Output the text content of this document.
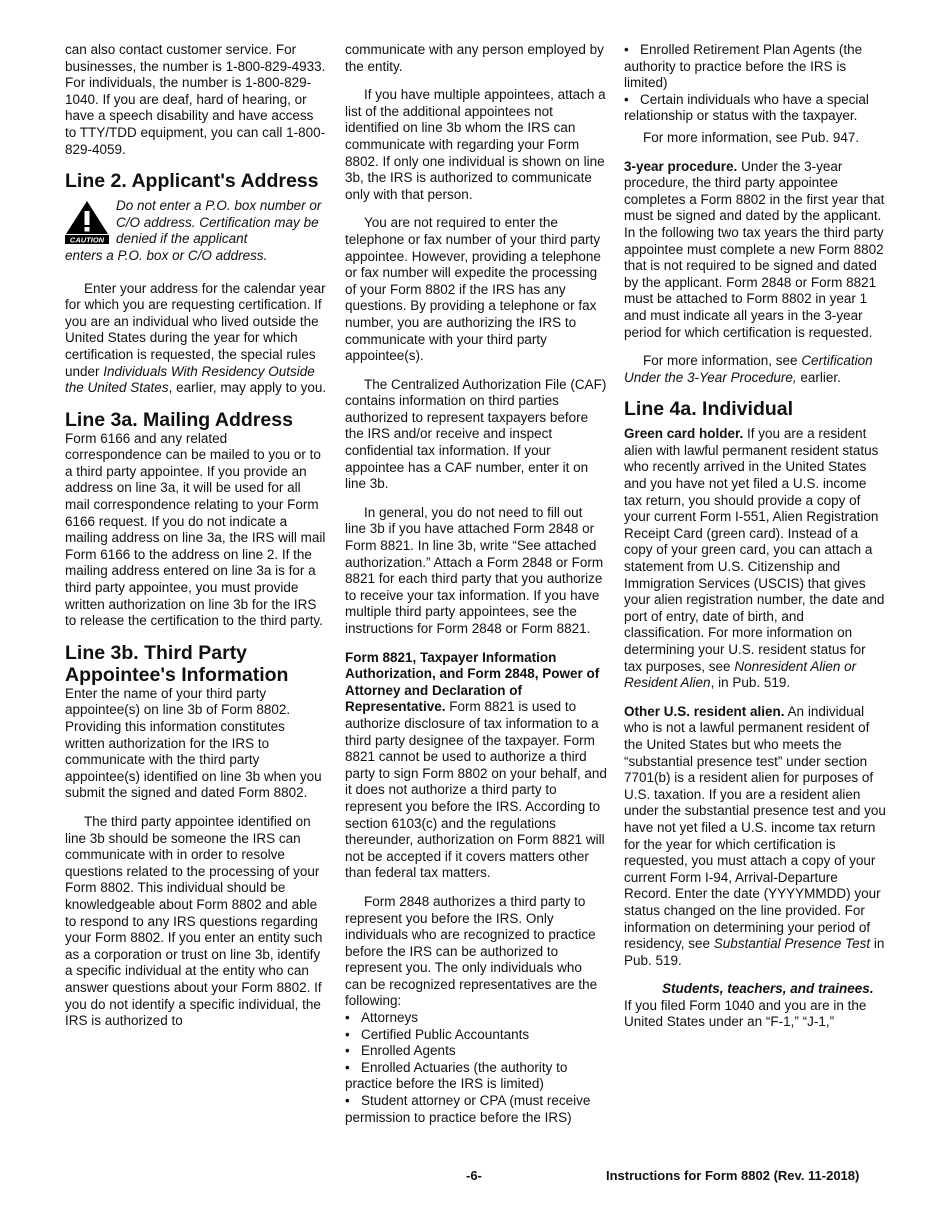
can also contact customer service. For businesses, the number is 1-800-829-4933. For individuals, the number is 1-800-829-1040. If you are deaf, hard of hearing, or have a speech disability and have access to TTY/TDD equipment, you can call 1-800-829-4059.

Line 2. Applicant's Address
CAUTION
Do not enter a P.O. box number or C/O address. Certification may be denied if the applicant
enters a P.O. box or C/O address.

Enter your address for the calendar year for which you are requesting certification. If you are an individual who lived outside the United States during the year for which certification is requested, the special rules under Individuals With Residency Outside the United States, earlier, may apply to you.

Line 3a. Mailing Address

Form 6166 and any related correspondence can be mailed to you or to a third party appointee. If you provide an address on line 3a, it will be used for all mail correspondence relating to your Form 6166 request. If you do not indicate a mailing address on line 3a, the IRS will mail Form 6166 to the address on line 2. If the mailing address entered on line 3a is for a third party appointee, you must provide written authorization on line 3b for the IRS to release the certification to the third party.

Line 3b. Third Party Appointee's Information

Enter the name of your third party appointee(s) on line 3b of Form 8802. Providing this information constitutes written authorization for the IRS to communicate with the third party appointee(s) identified on line 3b when you submit the signed and dated Form 8802.

The third party appointee identified on line 3b should be someone the IRS can communicate with in order to resolve questions related to the processing of your Form 8802. This individual should be knowledgeable about Form 8802 and able to respond to any IRS questions regarding your Form 8802. If you enter an entity such as a corporation or trust on line 3b, identify a specific individual at the entity who can answer questions about your Form 8802. If you do not identify a specific individual, the IRS is authorized to

communicate with any person employed by the entity.

If you have multiple appointees, attach a list of the additional appointees not identified on line 3b whom the IRS can communicate with regarding your Form 8802. If only one individual is shown on line 3b, the IRS is authorized to communicate only with that person.

You are not required to enter the telephone or fax number of your third party appointee. However, providing a telephone or fax number will expedite the processing of your Form 8802 if the IRS has any questions. By providing a telephone or fax number, you are authorizing the IRS to communicate with your third party appointee(s).

The Centralized Authorization File (CAF) contains information on third parties authorized to represent taxpayers before the IRS and/or receive and inspect confidential tax information. If your appointee has a CAF number, enter it on line 3b.

In general, you do not need to fill out line 3b if you have attached Form 2848 or Form 8821. In line 3b, write “See attached authorization.” Attach a Form 2848 or Form 8821 for each third party that you authorize to receive your tax information. If you have multiple third party appointees, see the instructions for Form 2848 or Form 8821.

Form 8821, Taxpayer Information Authorization, and Form 2848, Power of Attorney and Declaration of Representative. Form 8821 is used to authorize disclosure of tax information to a third party designee of the taxpayer. Form 8821 cannot be used to authorize a third party to sign Form 8802 on your behalf, and it does not authorize a third party to represent you before the IRS. According to section 6103(c) and the regulations thereunder, authorization on Form 8821 will not be accepted if it covers matters other than federal tax matters.

Form 2848 authorizes a third party to represent you before the IRS. Only individuals who are recognized to practice before the IRS can be authorized to represent you. The only individuals who can be recognized representatives are the following:

• Attorneys
• Certified Public Accountants
• Enrolled Agents
• Enrolled Actuaries (the authority to practice before the IRS is limited)
• Student attorney or CPA (must receive permission to practice before the IRS)
• Enrolled Retirement Plan Agents (the authority to practice before the IRS is limited)
• Certain individuals who have a special relationship or status with the taxpayer.

For more information, see Pub. 947.

3-year procedure. Under the 3-year procedure, the third party appointee completes a Form 8802 in the first year that must be signed and dated by the applicant. In the following two tax years the third party appointee must complete a new Form 8802 that is not required to be signed and dated by the applicant. Form 2848 or Form 8821 must be attached to Form 8802 in year 1 and must indicate all years in the 3-year period for which certification is requested.

For more information, see Certification Under the 3-Year Procedure, earlier.

Line 4a. Individual

Green card holder. If you are a resident alien with lawful permanent resident status who recently arrived in the United States and you have not yet filed a U.S. income tax return, you should provide a copy of your current Form I-551, Alien Registration Receipt Card (green card). Instead of a copy of your green card, you can attach a statement from U.S. Citizenship and Immigration Services (USCIS) that gives your alien registration number, the date and port of entry, date of birth, and classification. For more information on determining your U.S. resident status for tax purposes, see Nonresident Alien or Resident Alien, in Pub. 519.

Other U.S. resident alien. An individual who is not a lawful permanent resident of the United States but who meets the “substantial presence test” under section 7701(b) is a resident alien for purposes of U.S. taxation. If you are a resident alien under the substantial presence test and you have not yet filed a U.S. income tax return for the year for which certification is requested, you must attach a copy of your current Form I-94, Arrival-Departure Record. Enter the date (YYYYMMDD) your status changed on the line provided. For information on determining your period of residency, see Substantial Presence Test in Pub. 519.

Students, teachers, and trainees.
If you filed Form 1040 and you are in the United States under an “F-1,” “J-1,”

-6-	Instructions for Form 8802 (Rev. 11-2018)
